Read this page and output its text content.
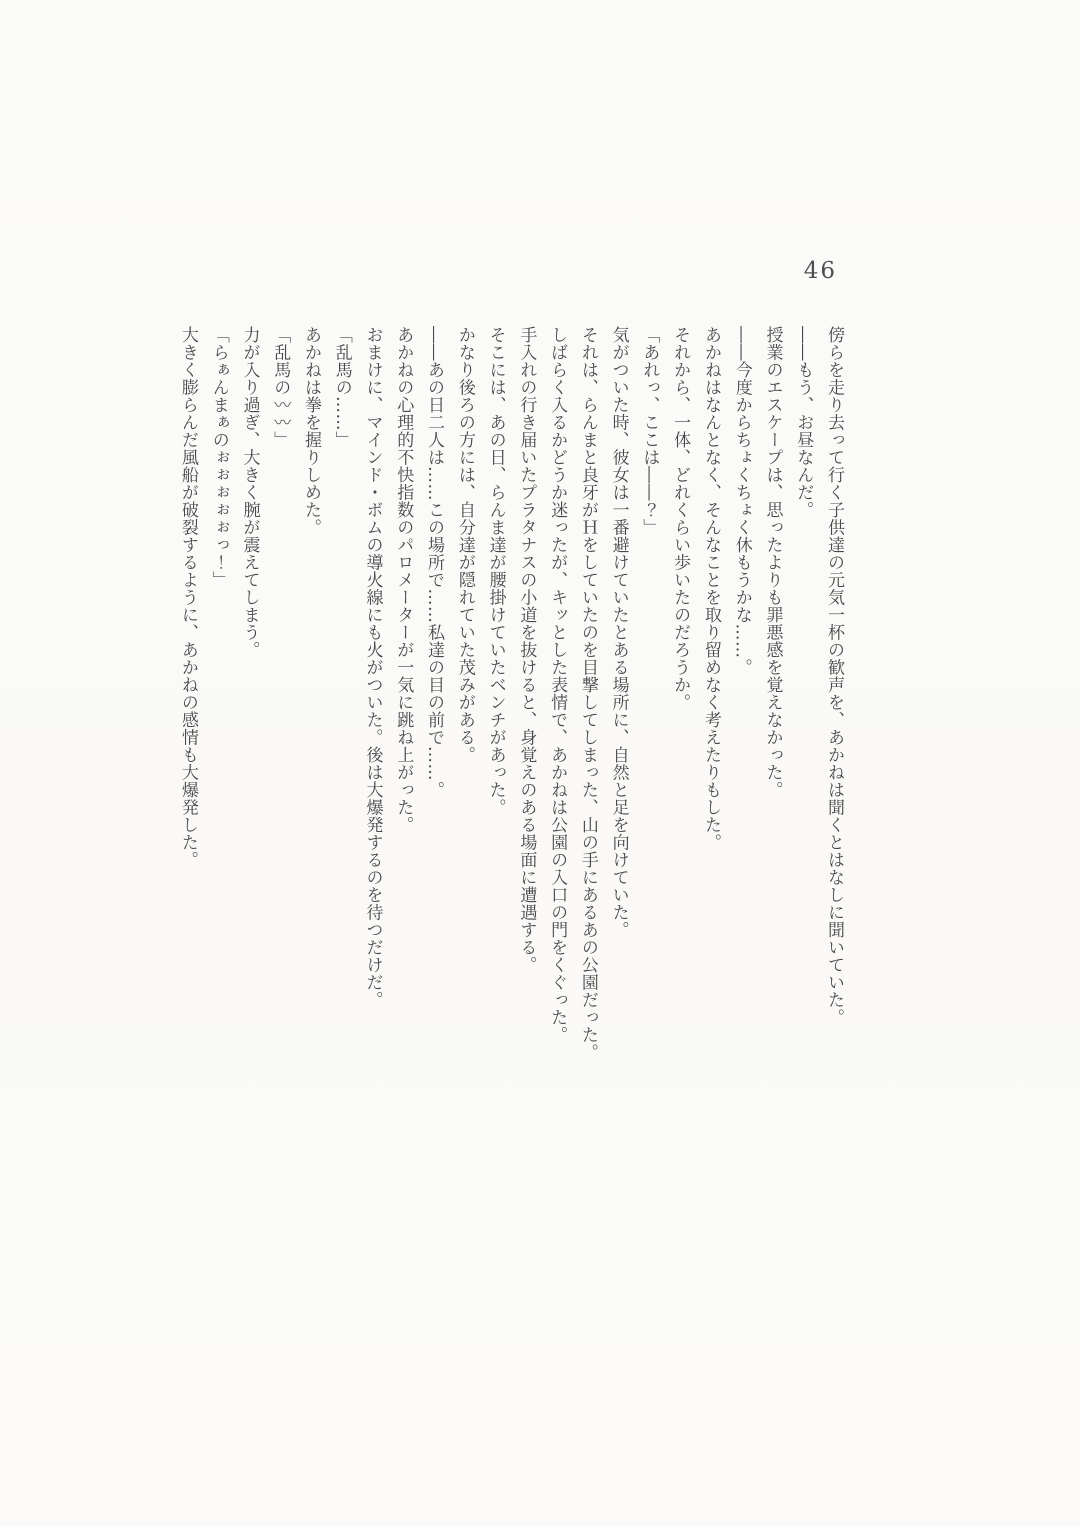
46

傍らを走り去って行く子供達の元気一杯の歓声を、あかねは聞くとはなしに聞いていた。

――もう、お昼なんだ。

授業のエスケープは、思ったよりも罪悪感を覚えなかった。

――今度からちょくちょく休もうかな……。

あかねはなんとなく、そんなことを取り留めなく考えたりもした。

それから、一体、どれくらい歩いたのだろうか。

「あれっ、ここは――？」

気がついた時、彼女は一番避けていたとある場所に、自然と足を向けていた。

それは、らんまと良牙がＨをしていたのを目撃してしまった、山の手にあるあの公園だった。

しばらく入るかどうか迷ったが、キッとした表情で、あかねは公園の入口の門をくぐった。

手入れの行き届いたプラタナスの小道を抜けると、身覚えのある場面に遭遇する。

そこには、あの日、らんま達が腰掛けていたベンチがあった。

かなり後ろの方には、自分達が隠れていた茂みがある。

――あの日二人は……この場所で……私達の目の前で……。

あかねの心理的不快指数のパロメーターが一気に跳ね上がった。

おまけに、マインド・ボムの導火線にも火がついた。後は大爆発するのを待つだけだ。

「乱馬の……」

あかねは拳を握りしめた。

「乱馬の〰〰」

力が入り過ぎ、大きく腕が震えてしまう。

「らぁんまぁのぉぉぉぉぉっ！」

大きく膨らんだ風船が破裂するように、あかねの感情も大爆発した。
